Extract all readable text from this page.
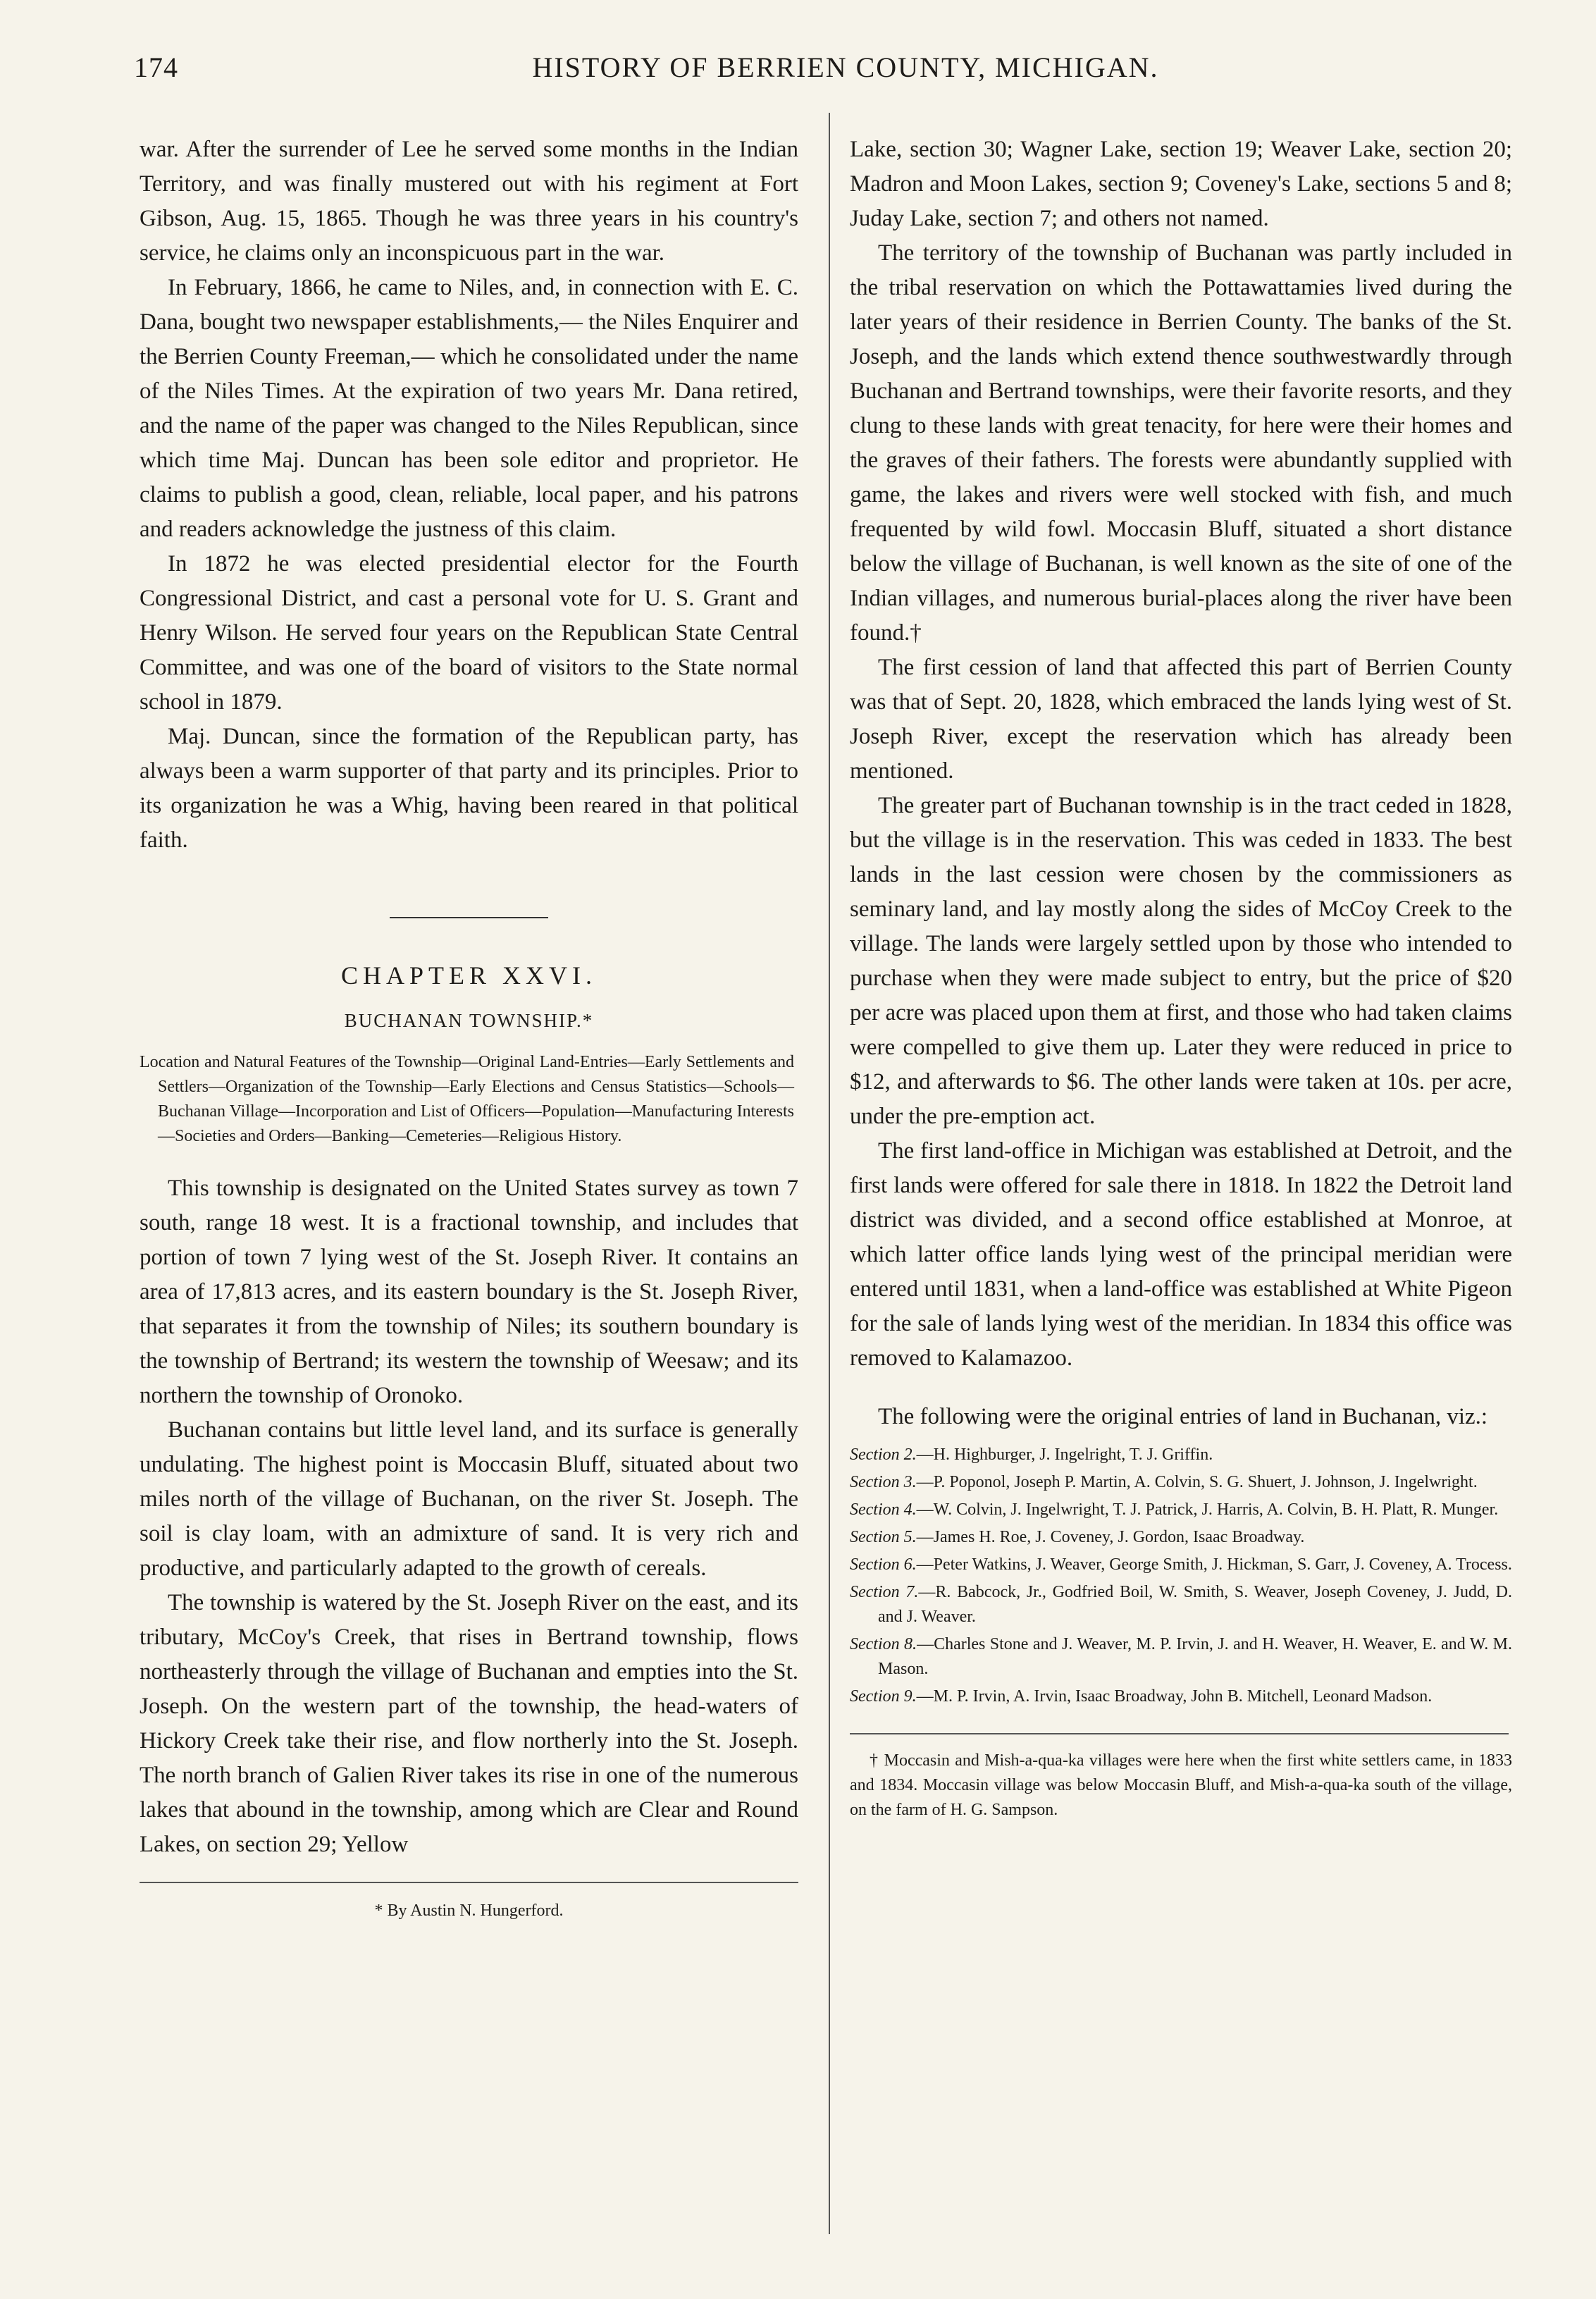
174	HISTORY OF BERRIEN COUNTY, MICHIGAN.

war. After the surrender of Lee he served some months in the Indian Territory, and was finally mustered out with his regiment at Fort Gibson, Aug. 15, 1865. Though he was three years in his country's service, he claims only an inconspicuous part in the war.

In February, 1866, he came to Niles, and, in connection with E. C. Dana, bought two newspaper establishments,— the Niles Enquirer and the Berrien County Freeman,— which he consolidated under the name of the Niles Times. At the expiration of two years Mr. Dana retired, and the name of the paper was changed to the Niles Republican, since which time Maj. Duncan has been sole editor and proprietor. He claims to publish a good, clean, reliable, local paper, and his patrons and readers acknowledge the justness of this claim.

In 1872 he was elected presidential elector for the Fourth Congressional District, and cast a personal vote for U. S. Grant and Henry Wilson. He served four years on the Republican State Central Committee, and was one of the board of visitors to the State normal school in 1879.

Maj. Duncan, since the formation of the Republican party, has always been a warm supporter of that party and its principles. Prior to its organization he was a Whig, having been reared in that political faith.

CHAPTER XXVI.
BUCHANAN TOWNSHIP.*

Location and Natural Features of the Township—Original Land-Entries—Early Settlements and Settlers—Organization of the Township—Early Elections and Census Statistics—Schools—Buchanan Village—Incorporation and List of Officers—Population—Manufacturing Interests—Societies and Orders—Banking—Cemeteries—Religious History.

This township is designated on the United States survey as town 7 south, range 18 west. It is a fractional township, and includes that portion of town 7 lying west of the St. Joseph River. It contains an area of 17,813 acres, and its eastern boundary is the St. Joseph River, that separates it from the township of Niles; its southern boundary is the township of Bertrand; its western the township of Weesaw; and its northern the township of Oronoko.

Buchanan contains but little level land, and its surface is generally undulating. The highest point is Moccasin Bluff, situated about two miles north of the village of Buchanan, on the river St. Joseph. The soil is clay loam, with an admixture of sand. It is very rich and productive, and particularly adapted to the growth of cereals.

The township is watered by the St. Joseph River on the east, and its tributary, McCoy's Creek, that rises in Bertrand township, flows northeasterly through the village of Buchanan and empties into the St. Joseph. On the western part of the township, the head-waters of Hickory Creek take their rise, and flow northerly into the St. Joseph. The north branch of Galien River takes its rise in one of the numerous lakes that abound in the township, among which are Clear and Round Lakes, on section 29; Yellow

* By Austin N. Hungerford.

Lake, section 30; Wagner Lake, section 19; Weaver Lake, section 20; Madron and Moon Lakes, section 9; Coveney's Lake, sections 5 and 8; Juday Lake, section 7; and others not named.

The territory of the township of Buchanan was partly included in the tribal reservation on which the Pottawattamies lived during the later years of their residence in Berrien County. The banks of the St. Joseph, and the lands which extend thence southwestwardly through Buchanan and Bertrand townships, were their favorite resorts, and they clung to these lands with great tenacity, for here were their homes and the graves of their fathers. The forests were abundantly supplied with game, the lakes and rivers were well stocked with fish, and much frequented by wild fowl. Moccasin Bluff, situated a short distance below the village of Buchanan, is well known as the site of one of the Indian villages, and numerous burial-places along the river have been found.†

The first cession of land that affected this part of Berrien County was that of Sept. 20, 1828, which embraced the lands lying west of St. Joseph River, except the reservation which has already been mentioned.

The greater part of Buchanan township is in the tract ceded in 1828, but the village is in the reservation. This was ceded in 1833. The best lands in the last cession were chosen by the commissioners as seminary land, and lay mostly along the sides of McCoy Creek to the village. The lands were largely settled upon by those who intended to purchase when they were made subject to entry, but the price of $20 per acre was placed upon them at first, and those who had taken claims were compelled to give them up. Later they were reduced in price to $12, and afterwards to $6. The other lands were taken at 10s. per acre, under the pre-emption act.

The first land-office in Michigan was established at Detroit, and the first lands were offered for sale there in 1818. In 1822 the Detroit land district was divided, and a second office established at Monroe, at which latter office lands lying west of the principal meridian were entered until 1831, when a land-office was established at White Pigeon for the sale of lands lying west of the meridian. In 1834 this office was removed to Kalamazoo.

The following were the original entries of land in Buchanan, viz.:

Section 2.—H. Highburger, J. Ingelright, T. J. Griffin.

Section 3.—P. Poponol, Joseph P. Martin, A. Colvin, S. G. Shuert, J. Johnson, J. Ingelwright.

Section 4.—W. Colvin, J. Ingelwright, T. J. Patrick, J. Harris, A. Colvin, B. H. Platt, R. Munger.

Section 5.—James H. Roe, J. Coveney, J. Gordon, Isaac Broadway.

Section 6.—Peter Watkins, J. Weaver, George Smith, J. Hickman, S. Garr, J. Coveney, A. Trocess.

Section 7.—R. Babcock, Jr., Godfried Boil, W. Smith, S. Weaver, Joseph Coveney, J. Judd, D. and J. Weaver.

Section 8.—Charles Stone and J. Weaver, M. P. Irvin, J. and H. Weaver, H. Weaver, E. and W. M. Mason.

Section 9.—M. P. Irvin, A. Irvin, Isaac Broadway, John B. Mitchell, Leonard Madson.

† Moccasin and Mish-a-qua-ka villages were here when the first white settlers came, in 1833 and 1834. Moccasin village was below Moccasin Bluff, and Mish-a-qua-ka south of the village, on the farm of H. G. Sampson.
